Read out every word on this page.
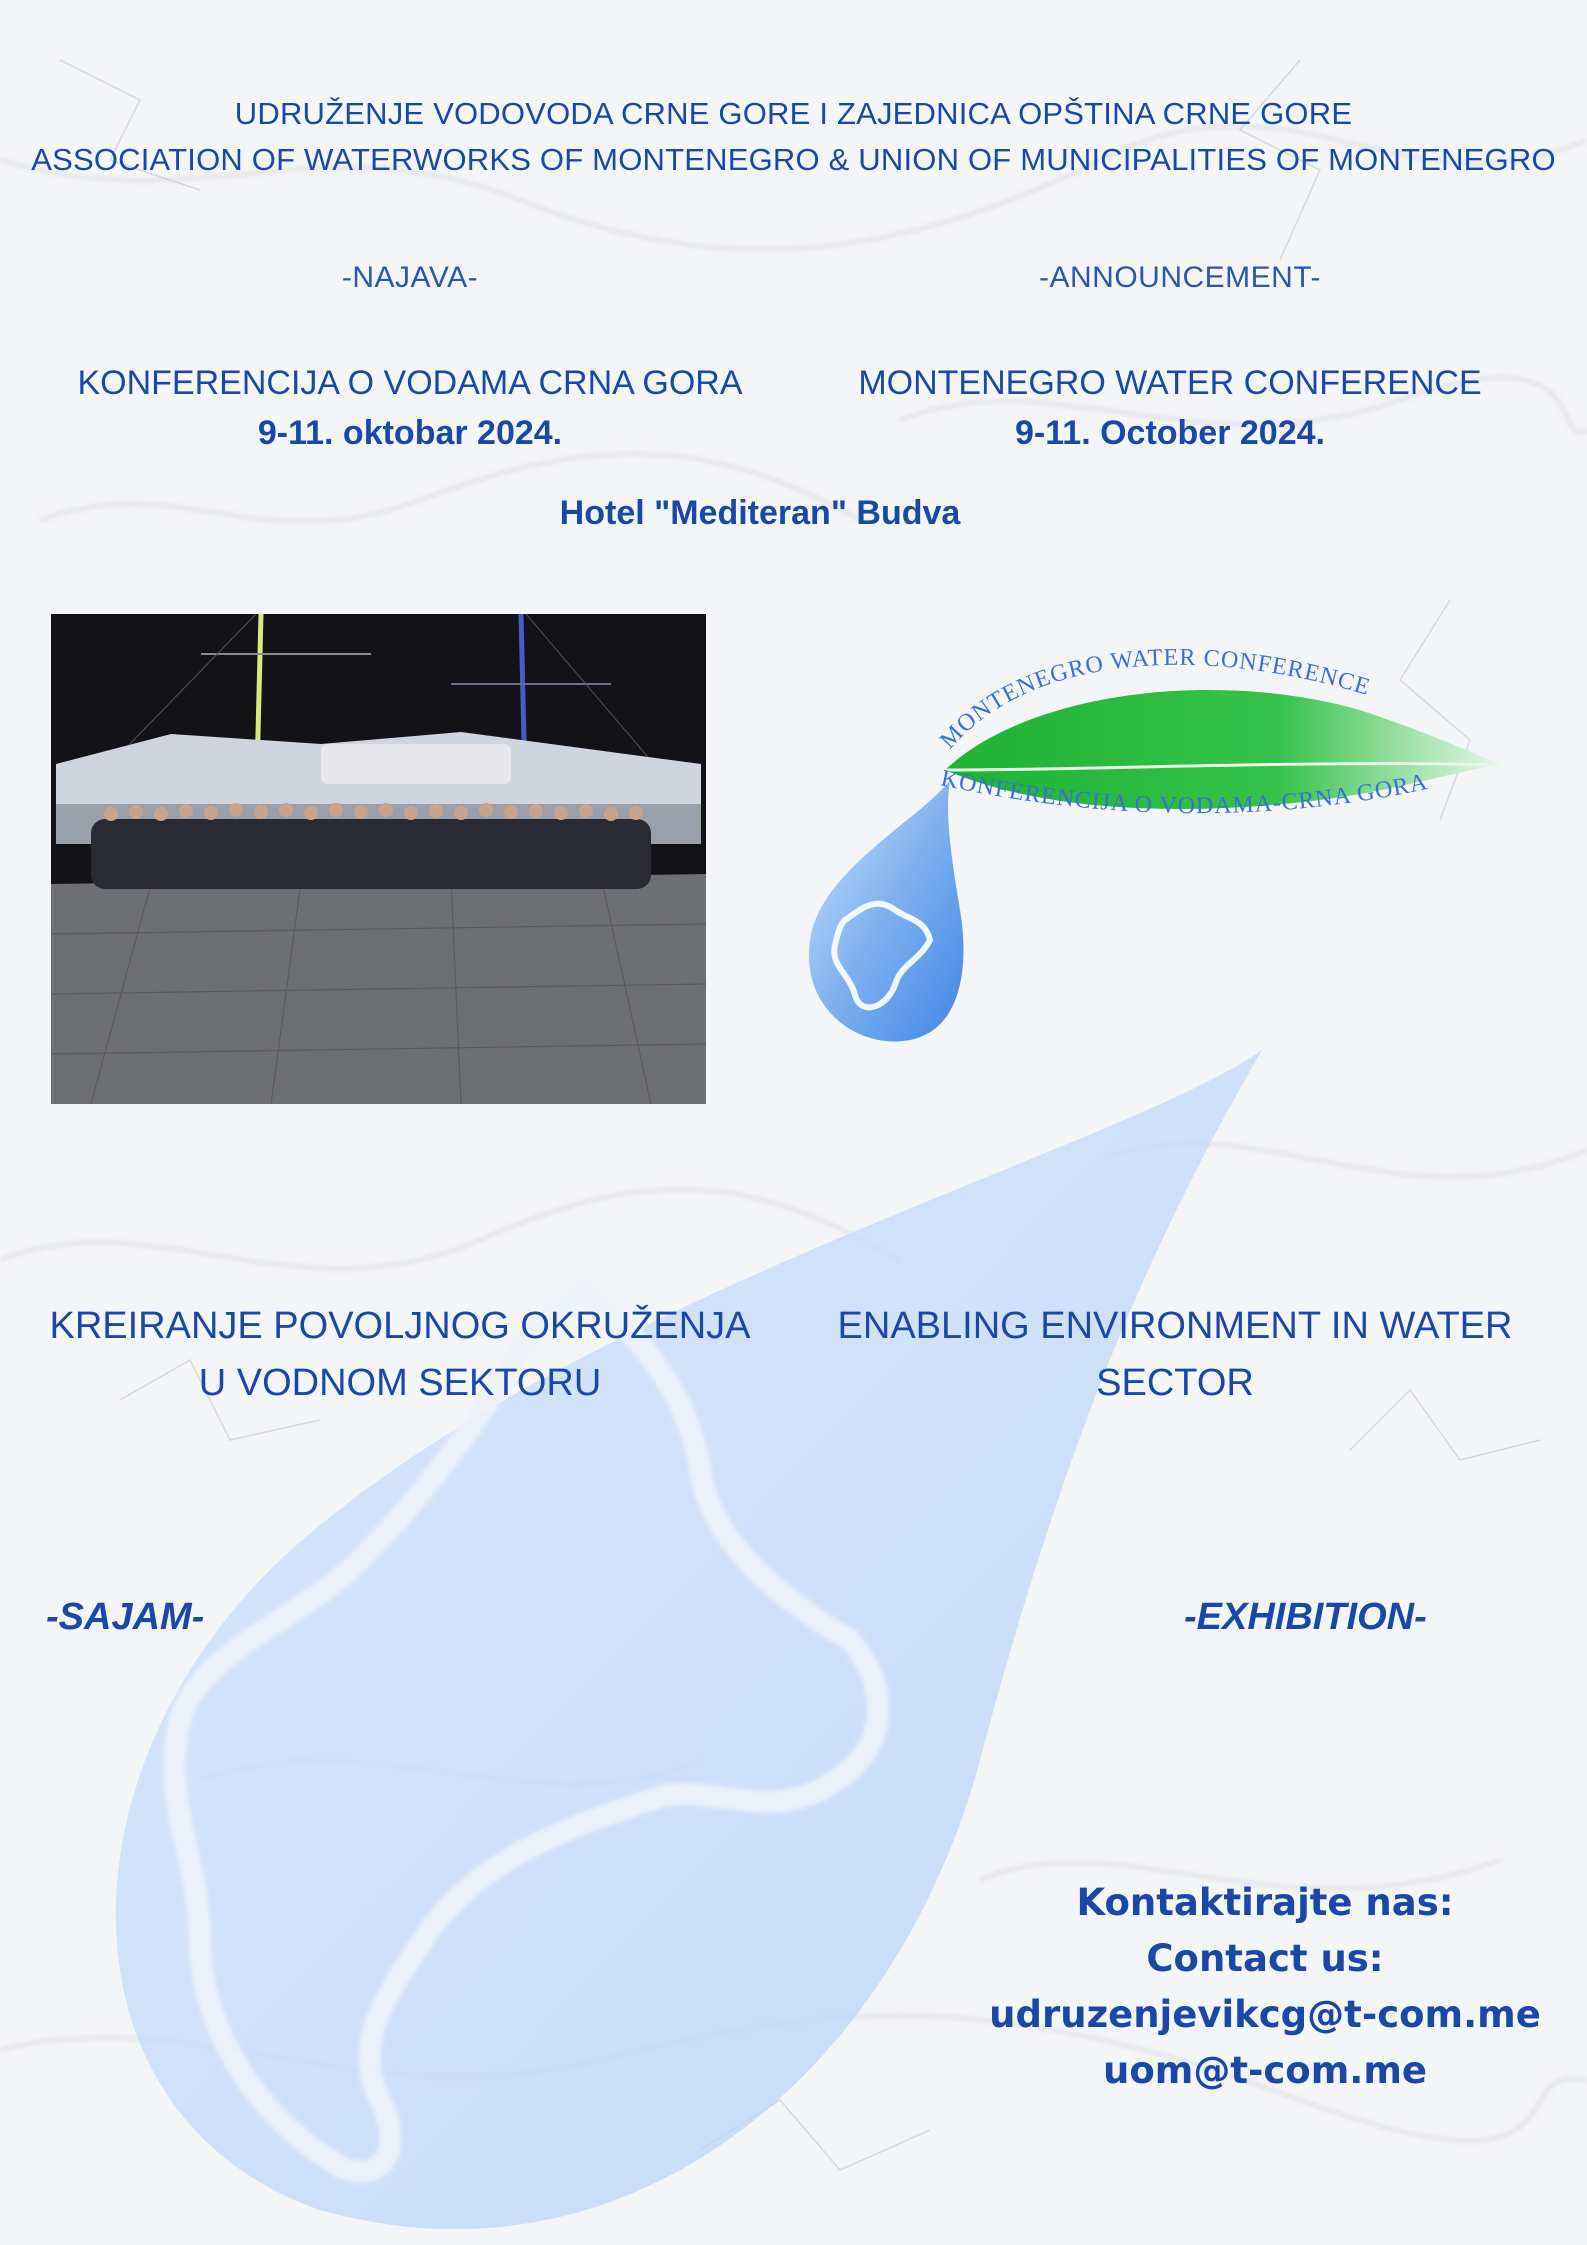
UDRUŽENJE VODOVODA CRNE GORE I ZAJEDNICA OPŠTINA CRNE GORE
ASSOCIATION OF WATERWORKS OF MONTENEGRO & UNION OF MUNICIPALITIES OF MONTENEGRO
-NAJAVA-	-ANNOUNCEMENT-
KONFERENCIJA O VODAMA CRNA GORA
9-11. oktobar 2024.
MONTENEGRO WATER CONFERENCE
9-11. October 2024.
Hotel "Mediteran" Budva
MONTENEGRO WATER CONFERENCE
KONFERENCIJA O VODAMA-CRNA GORA
KREIRANJE POVOLJNOG OKRUŽENJA
U VODNOM SEKTORU
ENABLING ENVIRONMENT IN WATER
SECTOR
-SAJAM-	-EXHIBITION-
Kontaktirajte nas:
Contact us:
udruzenjevikcg@t-com.me
uom@t-com.me
